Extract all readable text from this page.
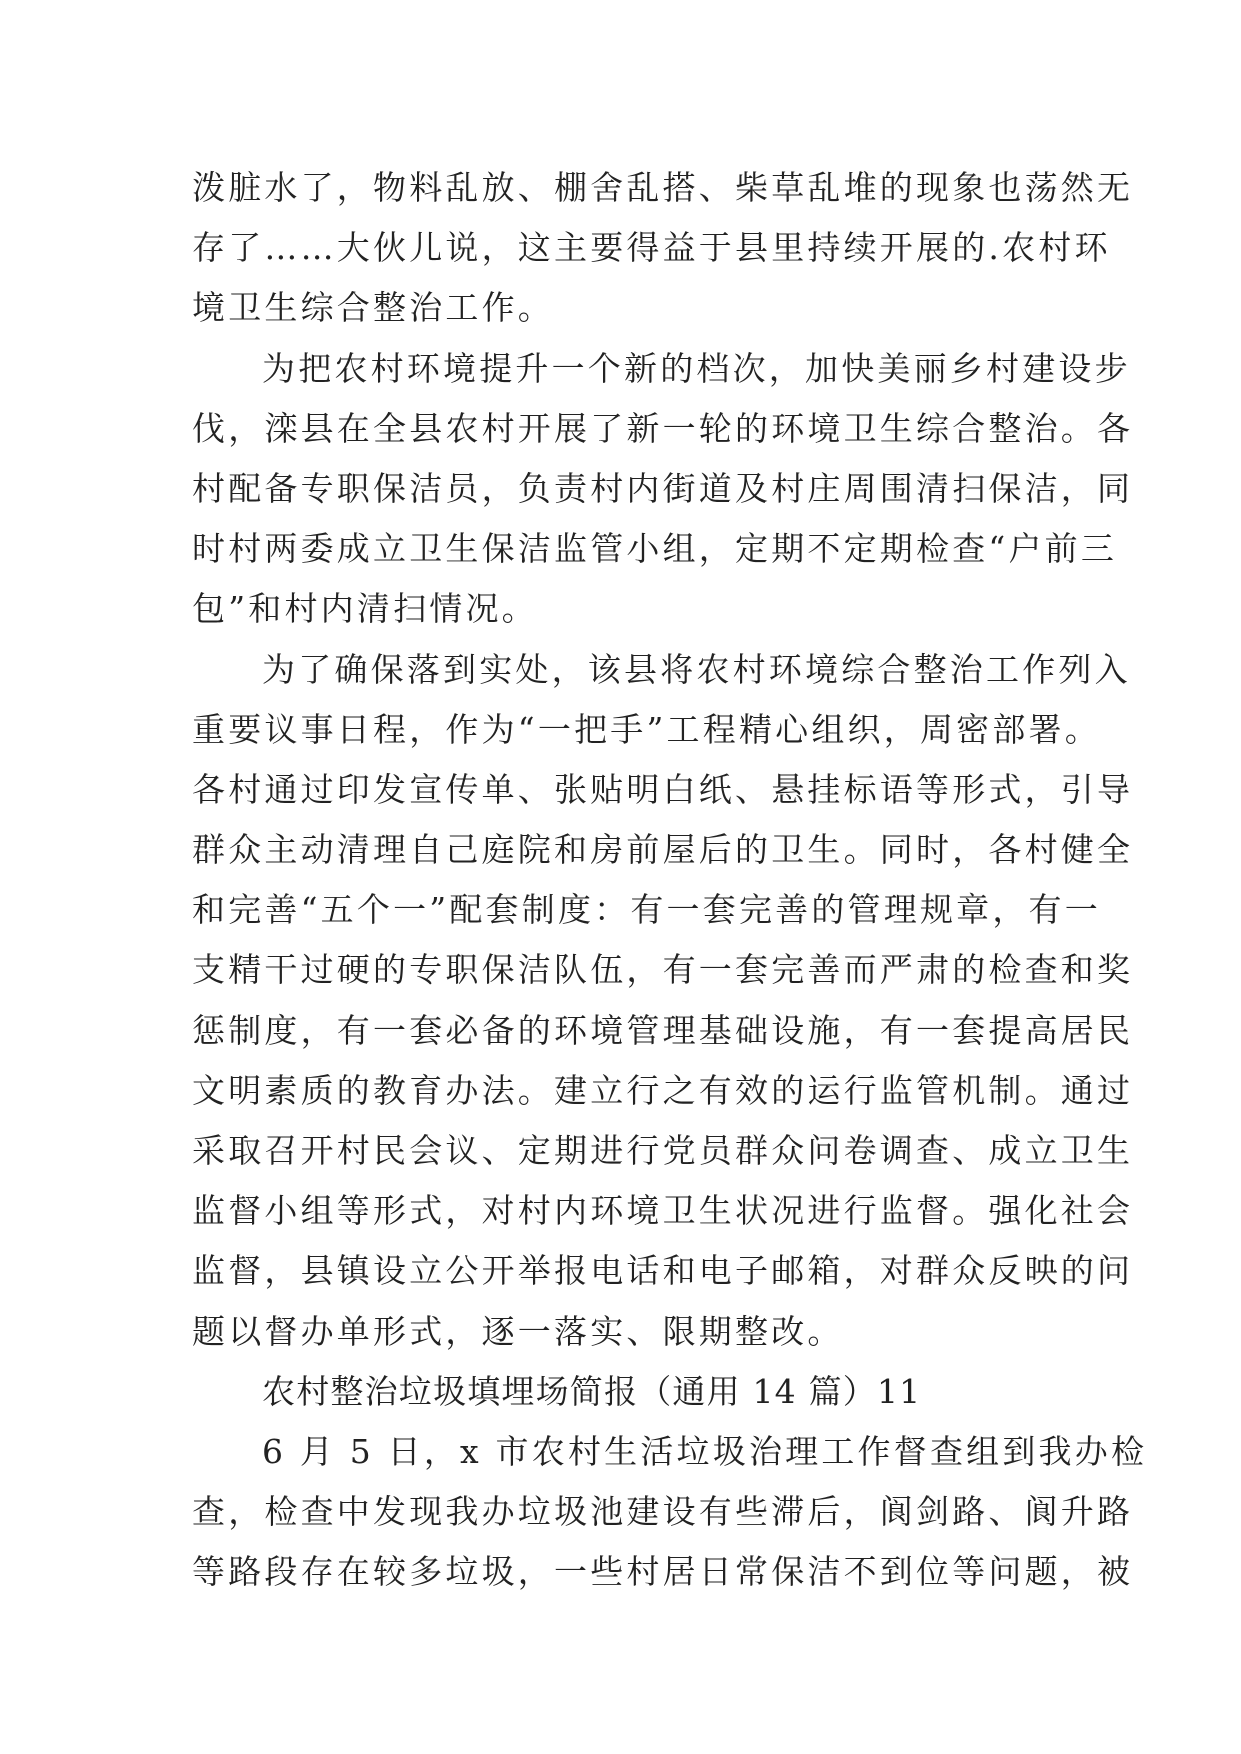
泼脏水了，物料乱放、棚舍乱搭、柴草乱堆的现象也荡然无
存了……大伙儿说，这主要得益于县里持续开展的.农村环
境卫生综合整治工作。
为把农村环境提升一个新的档次，加快美丽乡村建设步
伐，滦县在全县农村开展了新一轮的环境卫生综合整治。各
村配备专职保洁员，负责村内街道及村庄周围清扫保洁，同
时村两委成立卫生保洁监管小组，定期不定期检查“户前三
包”和村内清扫情况。
为了确保落到实处，该县将农村环境综合整治工作列入
重要议事日程，作为“一把手”工程精心组织，周密部署。
各村通过印发宣传单、张贴明白纸、悬挂标语等形式，引导
群众主动清理自己庭院和房前屋后的卫生。同时，各村健全
和完善“五个一”配套制度：有一套完善的管理规章，有一
支精干过硬的专职保洁队伍，有一套完善而严肃的检查和奖
惩制度，有一套必备的环境管理基础设施，有一套提高居民
文明素质的教育办法。建立行之有效的运行监管机制。通过
采取召开村民会议、定期进行党员群众问卷调查、成立卫生
监督小组等形式，对村内环境卫生状况进行监督。强化社会
监督，县镇设立公开举报电话和电子邮箱，对群众反映的问
题以督办单形式，逐一落实、限期整改。
农村整治垃圾填埋场简报（通用 14 篇）11
6 月 5 日，x 市农村生活垃圾治理工作督查组到我办检
查，检查中发现我办垃圾池建设有些滞后，阆剑路、阆升路
等路段存在较多垃圾，一些村居日常保洁不到位等问题，被
